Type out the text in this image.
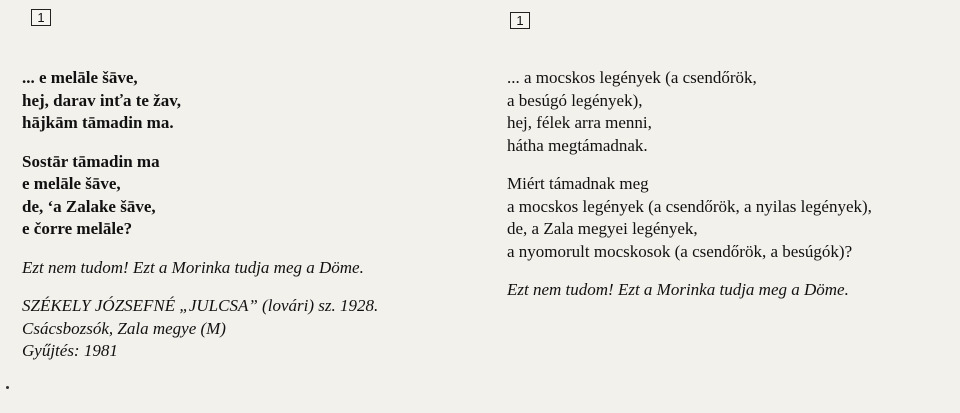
1	1
... e melāle šāve,
hej, darav inťa te žav,
hājkām tāmadin ma.
Sostār tāmadin ma
e melāle šāve,
de, ‘a Zalake šāve,
e čorre melāle?
Ezt nem tudom! Ezt a Morinka tudja meg a Döme.
SZÉKELY JÓZSEFNÉ „JULCSA” (lovári) sz. 1928.
Csácsbozsók, Zala megye (M)
Gyűjtés: 1981
... a mocskos legények (a csendőrök,
a besúgó legények),
hej, félek arra menni,
hátha megtámadnak.
Miért támadnak meg
a mocskos legények (a csendőrök, a nyilas legények),
de, a Zala megyei legények,
a nyomorult mocskosok (a csendőrök, a besúgók)?
Ezt nem tudom! Ezt a Morinka tudja meg a Döme.
